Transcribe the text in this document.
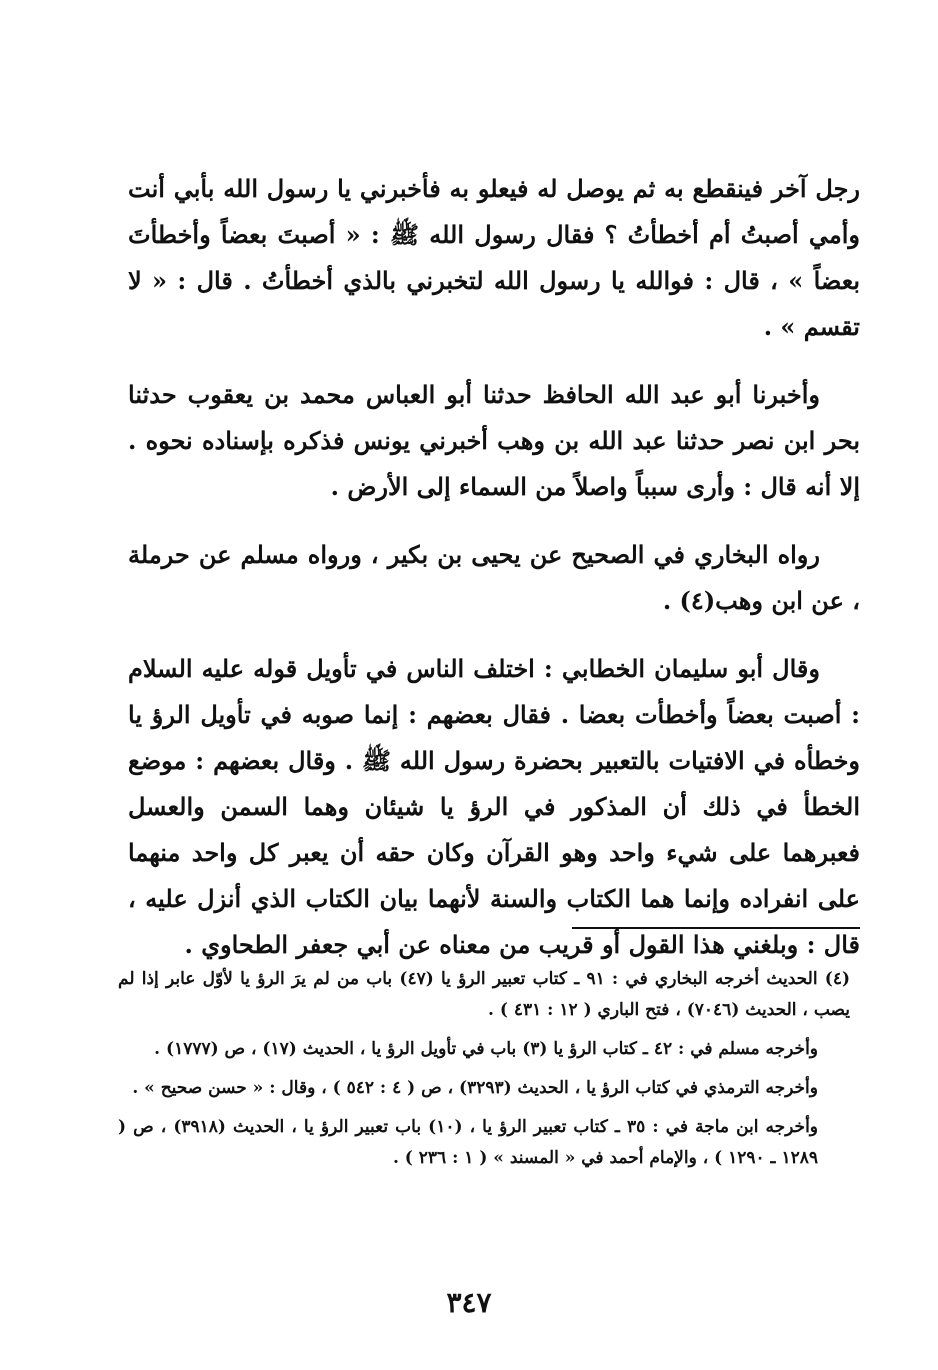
رجل آخر فينقطع به ثم يوصل له فيعلو به فأخبرني يا رسول الله بأبي أنت وأمي أصبتُ أم أخطأتُ ؟ فقال رسول الله ﷺ : « أصبتَ بعضاً وأخطأتَ بعضاً » ، قال : فوالله يا رسول الله لتخبرني بالذي أخطأتُ . قال : « لا تقسم » .

وأخبرنا أبو عبد الله الحافظ حدثنا أبو العباس محمد بن يعقوب حدثنا بحر ابن نصر حدثنا عبد الله بن وهب أخبرني يونس فذكره بإسناده نحوه . إلا أنه قال : وأرى سبباً واصلاً من السماء إلى الأرض .

رواه البخاري في الصحيح عن يحيى بن بكير ، ورواه مسلم عن حرملة ، عن ابن وهب(٤) .

وقال أبو سليمان الخطابي : اختلف الناس في تأويل قوله عليه السلام : أصبت بعضاً وأخطأت بعضا . فقال بعضهم : إنما صوبه في تأويل الرؤ يا وخطأه في الافتيات بالتعبير بحضرة رسول الله ﷺ . وقال بعضهم : موضع الخطأ في ذلك أن المذكور في الرؤ يا شيئان وهما السمن والعسل فعبرهما على شيء واحد وهو القرآن وكان حقه أن يعبر كل واحد منهما على انفراده وإنما هما الكتاب والسنة لأنهما بيان الكتاب الذي أنزل عليه ، قال : وبلغني هذا القول أو قريب من معناه عن أبي جعفر الطحاوي .

(٤) الحديث أخرجه البخاري في : ٩١ ـ كتاب تعبير الرؤ يا (٤٧) باب من لم يرَ الرؤ يا لأوّل عابر إذا لم يصب ، الحديث (٧٠٤٦) ، فتح الباري ( ١٢ : ٤٣١ ) .

وأخرجه مسلم في : ٤٢ ـ كتاب الرؤ يا (٣) باب في تأويل الرؤ يا ، الحديث (١٧) ، ص (١٧٧٧) .

وأخرجه الترمذي في كتاب الرؤ يا ، الحديث (٣٢٩٣) ، ص ( ٤ : ٥٤٢ ) ، وقال : « حسن صحيح » .

وأخرجه ابن ماجة في : ٣٥ ـ كتاب تعبير الرؤ يا ، (١٠) باب تعبير الرؤ يا ، الحديث (٣٩١٨) ، ص ( ١٢٨٩ ـ ١٢٩٠ ) ، والإمام أحمد في « المسند » ( ١ : ٢٣٦ ) .

٣٤٧
